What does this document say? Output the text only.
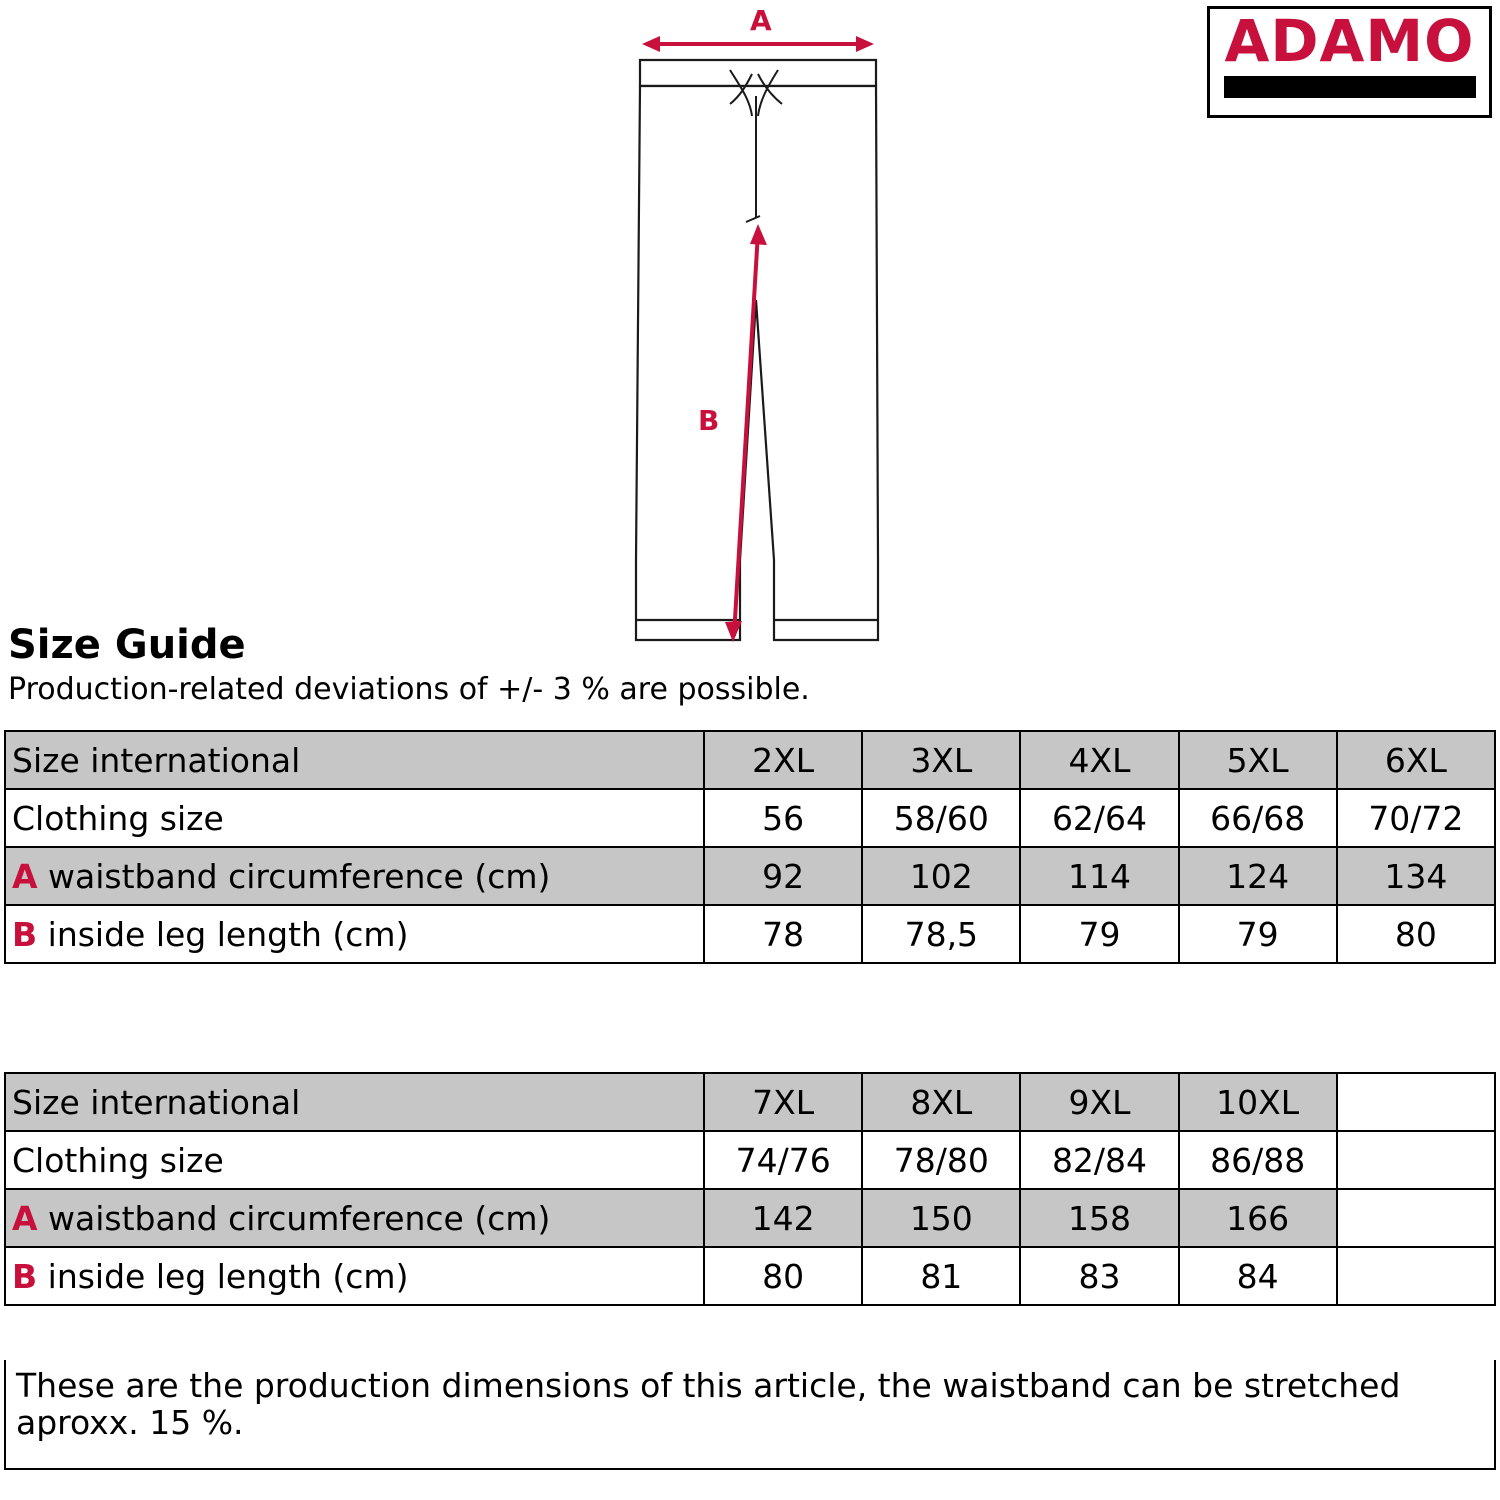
ADAMO
A
B
Size Guide
Production-related deviations of +/- 3 % are possible.
Size international	2XL	3XL	4XL	5XL	6XL
Clothing size	56	58/60	62/64	66/68	70/72
A waistband circumference (cm)	92	102	114	124	134
B inside leg length (cm)	78	78,5	79	79	80
Size international	7XL	8XL	9XL	10XL	
Clothing size	74/76	78/80	82/84	86/88	
A waistband circumference (cm)	142	150	158	166	
B inside leg length (cm)	80	81	83	84	
These are the production dimensions of this article, the waistband can be stretched aproxx. 15 %.
